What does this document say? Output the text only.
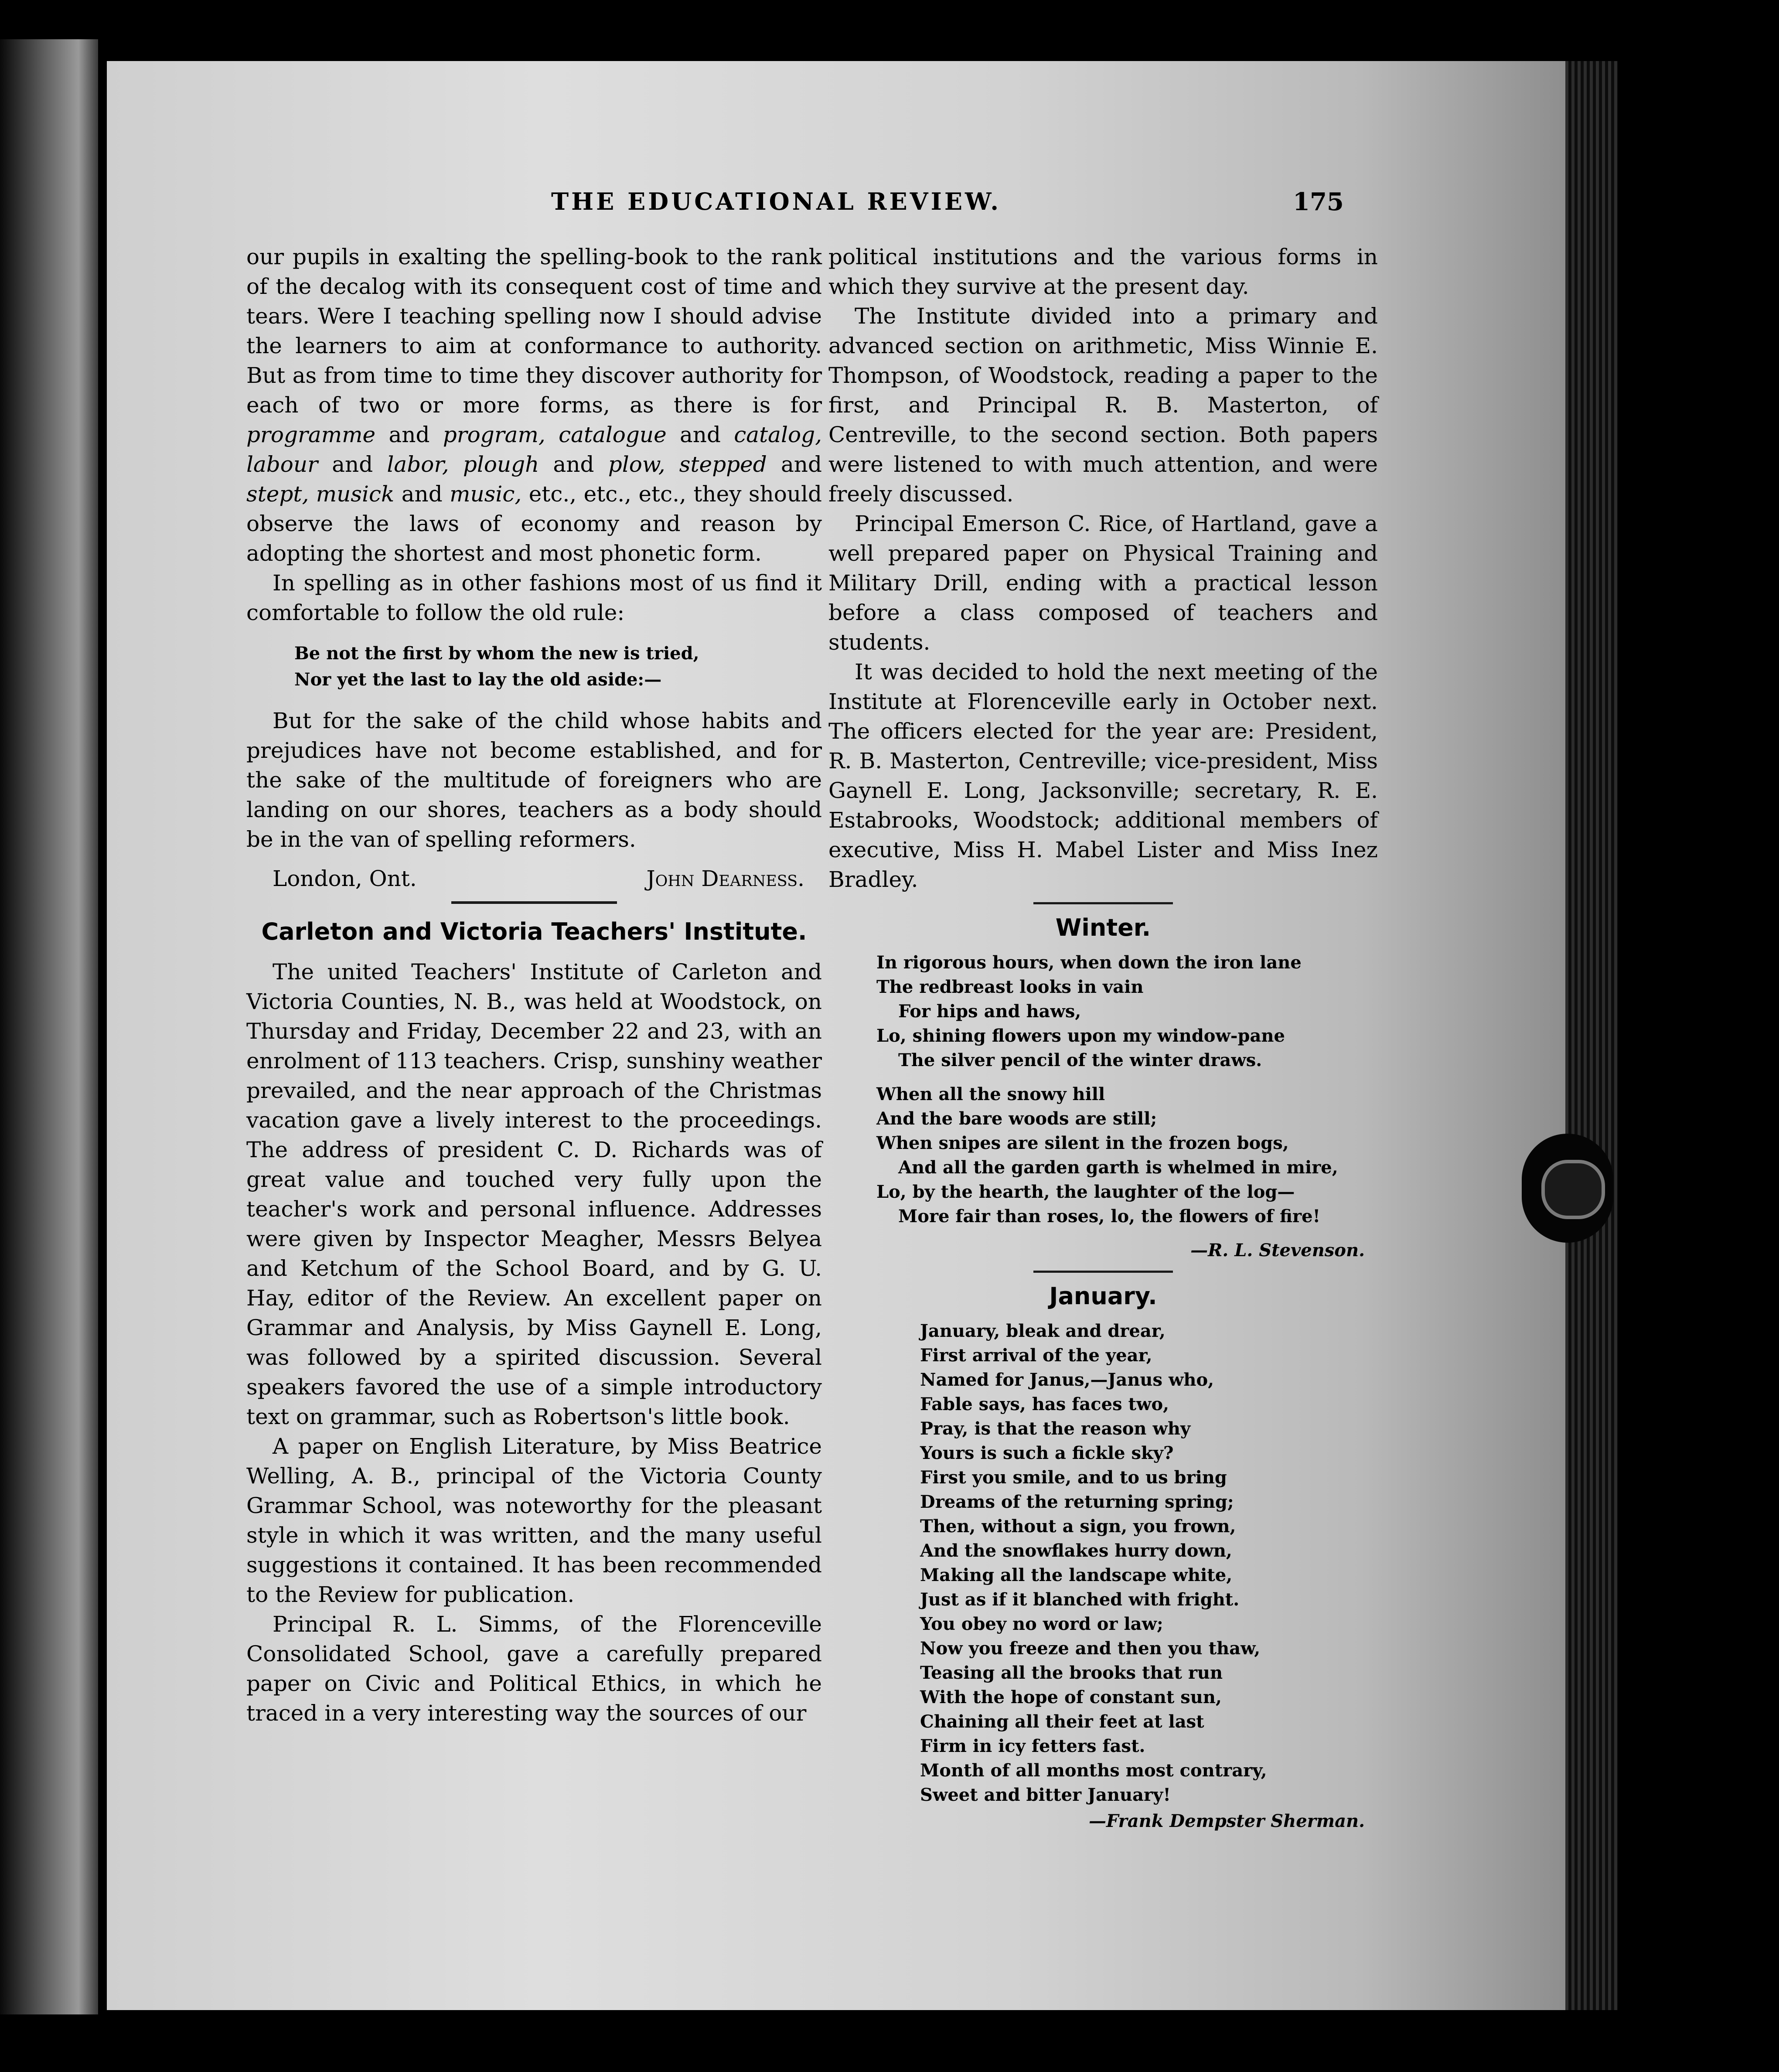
THE EDUCATIONAL REVIEW.	175

our pupils in exalting the spelling-book to the rank of the decalog with its consequent cost of time and tears. Were I teaching spelling now I should advise the learners to aim at conformance to authority. But as from time to time they discover authority for each of two or more forms, as there is for programme and program, catalogue and catalog, labour and labor, plough and plow, stepped and stept, musick and music, etc., etc., etc., they should observe the laws of economy and reason by adopting the shortest and most phonetic form.

In spelling as in other fashions most of us find it comfortable to follow the old rule:

Be not the first by whom the new is tried,
Nor yet the last to lay the old aside:—

But for the sake of the child whose habits and prejudices have not become established, and for the sake of the multitude of foreigners who are landing on our shores, teachers as a body should be in the van of spelling reformers.

London, Ont.	John Dearness.
Carleton and Victoria Teachers' Institute.

The united Teachers' Institute of Carleton and Victoria Counties, N. B., was held at Woodstock, on Thursday and Friday, December 22 and 23, with an enrolment of 113 teachers. Crisp, sunshiny weather prevailed, and the near approach of the Christmas vacation gave a lively interest to the proceedings. The address of president C. D. Richards was of great value and touched very fully upon the teacher's work and personal influence. Addresses were given by Inspector Meagher, Messrs Belyea and Ketchum of the School Board, and by G. U. Hay, editor of the Review. An excellent paper on Grammar and Analysis, by Miss Gaynell E. Long, was followed by a spirited discussion. Several speakers favored the use of a simple introductory text on grammar, such as Robertson's little book.

A paper on English Literature, by Miss Beatrice Welling, A. B., principal of the Victoria County Grammar School, was noteworthy for the pleasant style in which it was written, and the many useful suggestions it contained. It has been recommended to the Review for publication.

Principal R. L. Simms, of the Florenceville Consolidated School, gave a carefully prepared paper on Civic and Political Ethics, in which he traced in a very interesting way the sources of our

political institutions and the various forms in which they survive at the present day.

The Institute divided into a primary and advanced section on arithmetic, Miss Winnie E. Thompson, of Woodstock, reading a paper to the first, and Principal R. B. Masterton, of Centreville, to the second section. Both papers were listened to with much attention, and were freely discussed.

Principal Emerson C. Rice, of Hartland, gave a well prepared paper on Physical Training and Military Drill, ending with a practical lesson before a class composed of teachers and students.

It was decided to hold the next meeting of the Institute at Florenceville early in October next. The officers elected for the year are: President, R. B. Masterton, Centreville; vice-president, Miss Gaynell E. Long, Jacksonville; secretary, R. E. Estabrooks, Woodstock; additional members of executive, Miss H. Mabel Lister and Miss Inez Bradley.

Winter.
In rigorous hours, when down the iron lane
The redbreast looks in vain
For hips and haws,
Lo, shining flowers upon my window-pane
The silver pencil of the winter draws.
When all the snowy hill
And the bare woods are still;
When snipes are silent in the frozen bogs,
And all the garden garth is whelmed in mire,
Lo, by the hearth, the laughter of the log—
More fair than roses, lo, the flowers of fire!
—R. L. Stevenson.
January.
January, bleak and drear,
First arrival of the year,
Named for Janus,—Janus who,
Fable says, has faces two,
Pray, is that the reason why
Yours is such a fickle sky?
First you smile, and to us bring
Dreams of the returning spring;
Then, without a sign, you frown,
And the snowflakes hurry down,
Making all the landscape white,
Just as if it blanched with fright.
You obey no word or law;
Now you freeze and then you thaw,
Teasing all the brooks that run
With the hope of constant sun,
Chaining all their feet at last
Firm in icy fetters fast.
Month of all months most contrary,
Sweet and bitter January!
—Frank Dempster Sherman.
